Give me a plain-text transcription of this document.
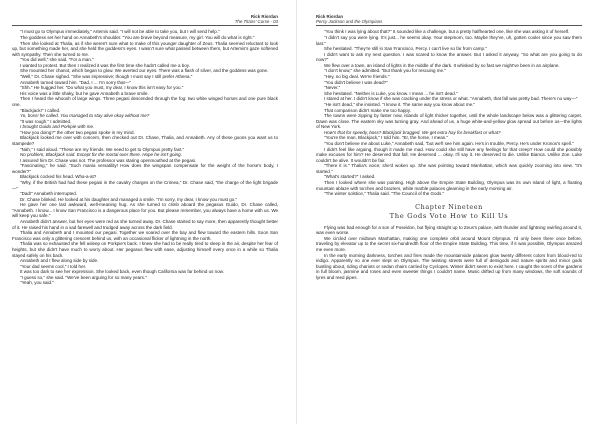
Rick Riordan
The Titans' Curse - 03

"I must go to Olympus immediately," Artemis said. "I will not be able to take you, but I will send help."

The goddess set her hand on Annabeth's shoulder. "You are brave beyond measure, my girl. You will do what is right."

Then she looked at Thalia, as if she weren't sure what to make of this younger daughter of Zeus. Thalia seemed reluctant to look up, but something made her, and she held the goddess's eyes. I wasn't sure what passed between them, but Artemis's gaze softened with sympathy. Then she turned to me.

"You did well," she said. "For a man."

I wanted to protest. But then I realized it was the first time she hadn't called me a boy.

She mounted her chariot, which began to glow. We averted our eyes. There was a flash of silver, and the goddess was gone.

"Well," Dr. Chase sighed. "She was impressive; though I must say I still prefer Athena."

Annabeth turned toward him. "Dad, I ... I'm sorry that—"

"Shh." He hugged her. "Do what you must, my dear. I know this isn't easy for you."

His voice was a little shaky, but he gave Annabeth a brave smile.

Then I heard the whoosh of large wings. Three pegasi descended through the fog: two white winged horses and one pure black one.

"Blackjack!" I called.

Yo, boss! he called. You managed to stay alive okay without me?

"It was rough." I admitted.

I brought Guido and Porkpie with me.

"How you doing?" the other two pegasi spoke in my mind.

Blackjack looked me over with concern, then checked out Dr. Chase, Thalia, and Annabeth. Any of these goons you want us to stampede?

"Nah," I said aloud. "These are my friends. We need to get to Olympus pretty fast."

No problem, Blackjack said. Except for the mortal over there. Hope he isn't going.

I assured him Dr. Chase was not. The professor was staring openmouthed at the pegasi.

"Fascinating," he said. "Such mania versatility! How does the wingspan compensate for the weight of the horse's body, I wonder?"

Blackjack cocked his head. Wha-a-at?

"Why, if the British had had these pegasi in the cavalry charges on the Crimea," Dr. Chase said, "the charge of the light brigade—"

"Dad!" Annabeth interrupted.

Dr. Chase blinked. He looked at his daughter and managed a smile. "I'm sorry, my dear, I know you must go."

He gave her one last awkward, well-meaning hug. As she turned to climb aboard the pegasus Guido, Dr. Chase called, "Annabeth. I know... I know San Francisco is a dangerous place for you. But please remember, you always have a home with us. We will keep you safe."

Annabeth didn't answer, but her eyes were red as she turned away. Dr. Chase started to say more, then apparently thought better of it. He raised his hand in a sad farewell and trudged away across the dark field.

Thalia and Annabeth and I mounted our pegasi. Together we soared over the bay and flew toward the eastern hills. Soon San Francisco was only a glittering crescent behind us, with an occasional flicker of lightning in the north.

Thalia was so exhausted she fell asleep on Porkpie's back. I knew she had to be really tired to sleep in the air, despite her fear of heights, but she didn't have much to worry about. Her pegasus flew with ease, adjusting himself every once in a while so Thalia stayed safely on his back.

Annabeth and I flew along side by side.

"Your dad seems cool," I told her.

It was too dark to see her expression. She looked back, even though California was far behind us now.

"I guess so," she said. "We've been arguing for so many years."

"Yeah, you said."

Rick Riordan
Percy Jackson and the Olympians

"You think I was lying about that?" It sounded like a challenge, but a pretty halfhearted one, like she was asking it of herself.

"I didn't say you were lying. It's just... he seems okay. Your stepmom, too. Maybe they've, uh, gotten cooler since you saw them last."

She hesitated. "They're still in San Francisco, Percy. I can't live so far from camp."

I didn't want to ask my next question. I was scared to know the answer. But I asked it anyway. "So what are you going to do now?"

We flew over a town, an island of lights in the middle of the dark. It whisked by so fast we might've been in an airplane.

"I don't know," she admitted. "But thank you for rescuing me."

"Hey, no big deal. We're friends."

"You didn't believe I was dead?"

"Never."

She hesitated. "Neither is Luke, you know. I mean ... he isn't dead."

I stared at her. I didn't know if she was cracking under the stress or what. "Annabeth, that fall was pretty bad. There's no way—"

"He isn't dead," she insisted. "I know it. The same way you know about me."

That comparison didn't make me too happy.

The towns were zipping by faster now, islands of light thicker together, until the whole landscape below was a glittering carpet. Dawn was close. The eastern sky was turning gray. And ahead of us, a huge white-and-yellow glow spread out before us—the lights of New York.

How's that for speedy, boss? Blackjack bragged. We get extra hay for breakfast or what?

"You're the man, Blackjack," I told him. "Er, the horse, I mean."

"You don't believe me about Luke," Annabeth said, "but we'll see him again. He's in trouble, Percy. He's under Kronos's spell."

I didn't feel like arguing, though it made me mad. How could she still have any feelings for that creep? How could she possibly make excuses for him? He deserved that fall. He deserved ... okay, I'll say it. He deserved to die. Unlike Bianca. Unlike Zoe. Luke couldn't be alive. It wouldn't be fair.

"There it is." Thalia's voice; she'd woken up. She was pointing toward Manhattan, which was quickly zooming into view. "It's started."

"What's started?" I asked.

Then I looked where she was pointing. High above the Empire State Building, Olympus was its own island of light, a floating mountain ablaze with torches and braziers, white marble palaces gleaming in the early morning air.

"The winter solstice," Thalia said. "The Council of the Gods."

Chapter Nineteen
The Gods Vote How to Kill Us

Flying was bad enough for a son of Poseidon, but flying straight up to Zeus's palace, with thunder and lightning swirling around it, was even worse.

We circled over midtown Manhattan, making one complete orbit around Mount Olympus. I'd only been there once before, traveling by elevator up to the secret six-hundredth floor of the Empire State Building. This time, if it was possible, Olympus amazed me even more.

In the early morning darkness, torches and fires made the mountainside palaces glow twenty different colors from blood-red to indigo. Apparently no one ever slept on Olympus. The twisting streets were full of demigods and nature spirits and minor gods bustling about, riding chariots or sedan chairs carried by Cyclopes. Winter didn't seem to exist here. I caught the scent of the gardens in full bloom, jasmine and roses and even sweeter things I couldn't name. Music drifted up from many windows, the soft sounds of lyres and reed pipes.
